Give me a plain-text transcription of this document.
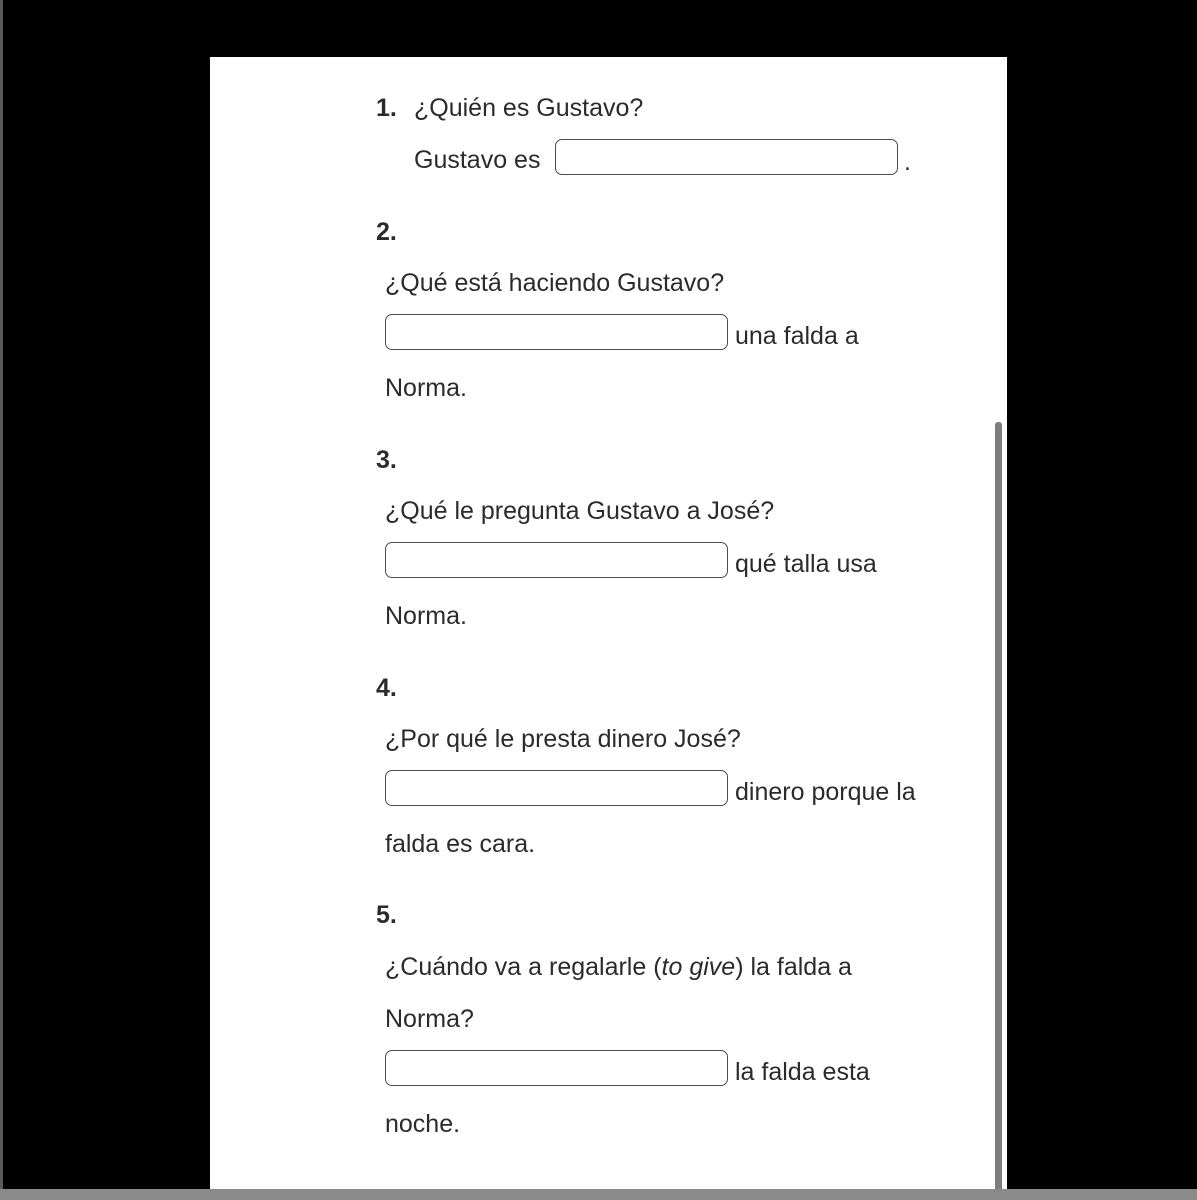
1. ¿Quién es Gustavo?
Gustavo es	.
2.
¿Qué está haciendo Gustavo?
una falda a
Norma.
3.
¿Qué le pregunta Gustavo a José?
qué talla usa
Norma.
4.
¿Por qué le presta dinero José?
dinero porque la
falda es cara.
5.
¿Cuándo va a regalarle (to give) la falda a
Norma?
la falda esta
noche.
